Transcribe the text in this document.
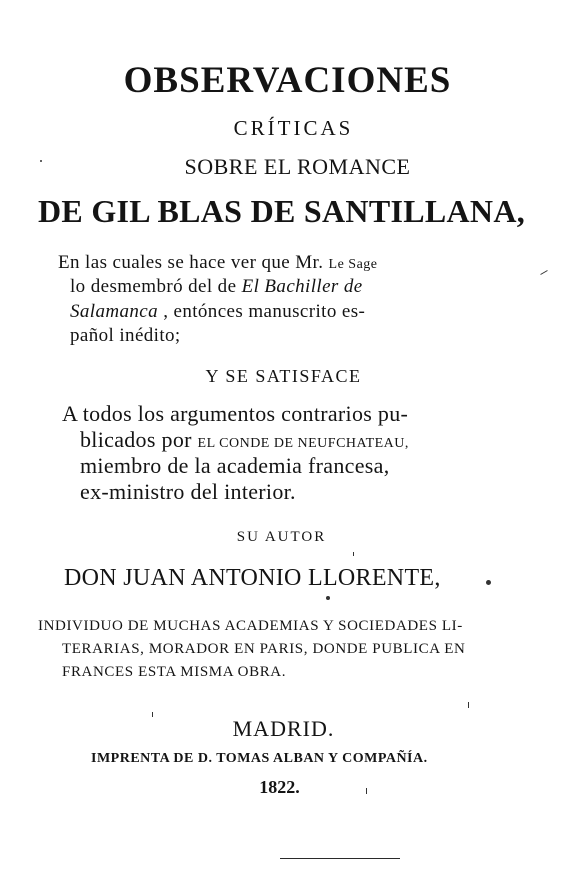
OBSERVACIONES
CRÍTICAS
SOBRE EL ROMANCE
DE GIL BLAS DE SANTILLANA,
En las cuales se hace ver que Mr. Le Sage
lo desmembró del de El Bachiller de
Salamanca , entónces manuscrito es-
pañol inédito;
Y SE SATISFACE
A todos los argumentos contrarios pu-
blicados por EL CONDE DE NEUFCHATEAU,
miembro de la academia francesa,
ex-ministro del interior.
SU AUTOR
DON JUAN ANTONIO LLORENTE,
INDIVIDUO DE MUCHAS ACADEMIAS Y SOCIEDADES LI-
TERARIAS, MORADOR EN PARIS, DONDE PUBLICA EN
FRANCES ESTA MISMA OBRA.
MADRID.
IMPRENTA DE D. TOMAS ALBAN Y COMPAÑÍA.
1822.
